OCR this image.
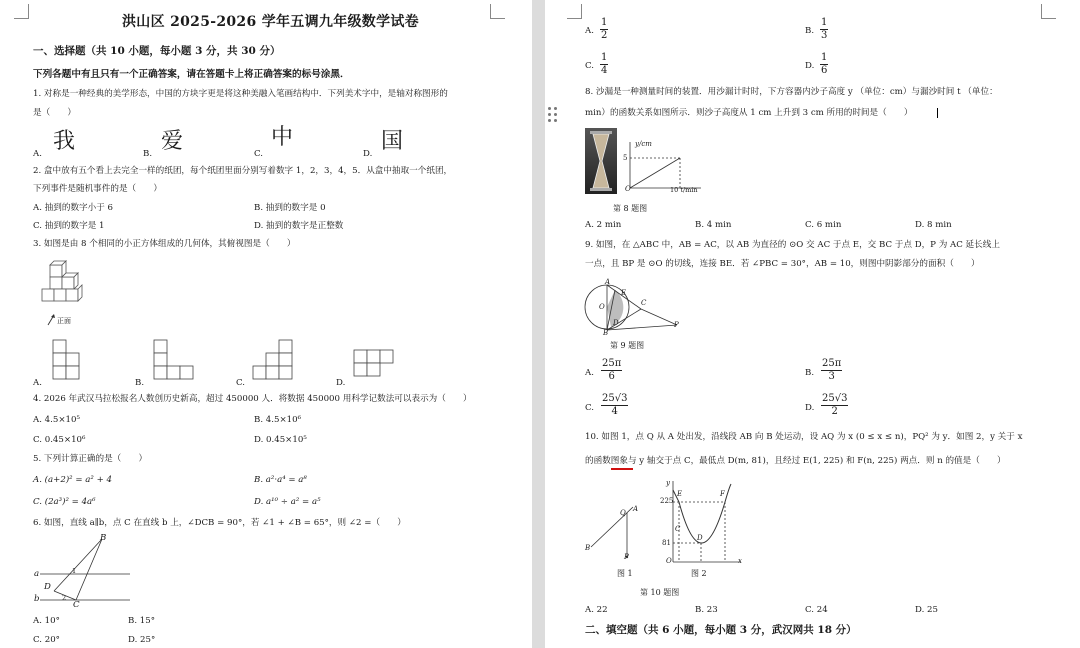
洪山区 2025-2026 学年五调九年级数学试卷
一、选择题（共 10 小题，每小题 3 分，共 30 分）
下列各题中有且只有一个正确答案，请在答题卡上将正确答案的标号涂黑．
1. 对称是一种经典的美学形态，中国的方块字更是将这种美融入笔画结构中．下列美术字中，是轴对称图形的
是（　　）
A. 我	B. 爱	C.
中
D. 国
2. 盒中放有五个看上去完全一样的纸团，每个纸团里面分别写着数字 1，2，3，4，5．从盒中抽取一个纸团，
下列事件是随机事件的是（　　）
A. 抽到的数字小于 6	B. 抽到的数字是 0
C. 抽到的数字是 1	D. 抽到的数字是正整数
3. 如图是由 8 个相同的小正方体组成的几何体，其俯视图是（　　）
正面
A.	B.	C.	D.
4. 2026 年武汉马拉松报名人数创历史新高，超过 450000 人．将数据 450000 用科学记数法可以表示为（　　）
A. 4.5×10⁵	B. 4.5×10⁶
C. 0.45×10⁶	D. 0.45×10⁵
5. 下列计算正确的是（　　）
A. (a+2)² = a² + 4	B. a²·a⁴ = a⁸
C. (2a³)² = 4a⁶	D. a¹⁰ ÷ a² = a⁵
6. 如图，直线 a∥b，点 C 在直线 b 上，∠DCB = 90°，若 ∠1 + ∠B = 65°，则 ∠2 =（　　）
B
a
b
D
C
1
2
A. 10°	B. 15°
C. 20°	D. 25°
A. $\frac{1}{2}$	B. $\frac{1}{3}$
C. $\frac{1}{4}$	D. $\frac{1}{6}$
8. 沙漏是一种测量时间的装置．用沙漏计时时，下方容器内沙子高度 y （单位：cm）与漏沙时间 t （单位：
min）的函数关系如图所示．则沙子高度从 1 cm 上升到 3 cm 所用的时间是（　　）
y/cm
5
O	10 t/min
第 8 题图
A. 2 min	B. 4 min	C. 6 min	D. 8 min
9. 如图，在 △ABC 中，AB = AC，以 AB 为直径的 ⊙O 交 AC 于点 E，交 BC 于点 D，P 为 AC 延长线上
一点，且 BP 是 ⊙O 的切线，连接 BE．若 ∠PBC = 30°，AB = 10，则图中阴影部分的面积（　　）
A
E
C
O
D
B
P
第 9 题图
A. $\frac{25\pi}{6}$	B. $\frac{25\pi}{3}$
C. $\frac{25√3}{4}$	D. $\frac{25√3}{2}$
10. 如图 1，点 Q 从 A 处出发，沿线段 AB 向 B 处运动，设 AQ 为 x (0 ≤ x ≤ n)，PQ² 为 y．如图 2，y 关于 x
的函数图象与 y 轴交于点 C，最低点 D(m, 81)，且经过 E(1, 225) 和 F(n, 225) 两点．则 n 的值是（　　）
A
Q
B
P
图 1
y
E	F
225
C
D
81
O	x
图 2
第 10 题图
A. 22	B. 23	C. 24	D. 25
二、填空题（共 6 小题，每小题 3 分，武汉网共 18 分）
